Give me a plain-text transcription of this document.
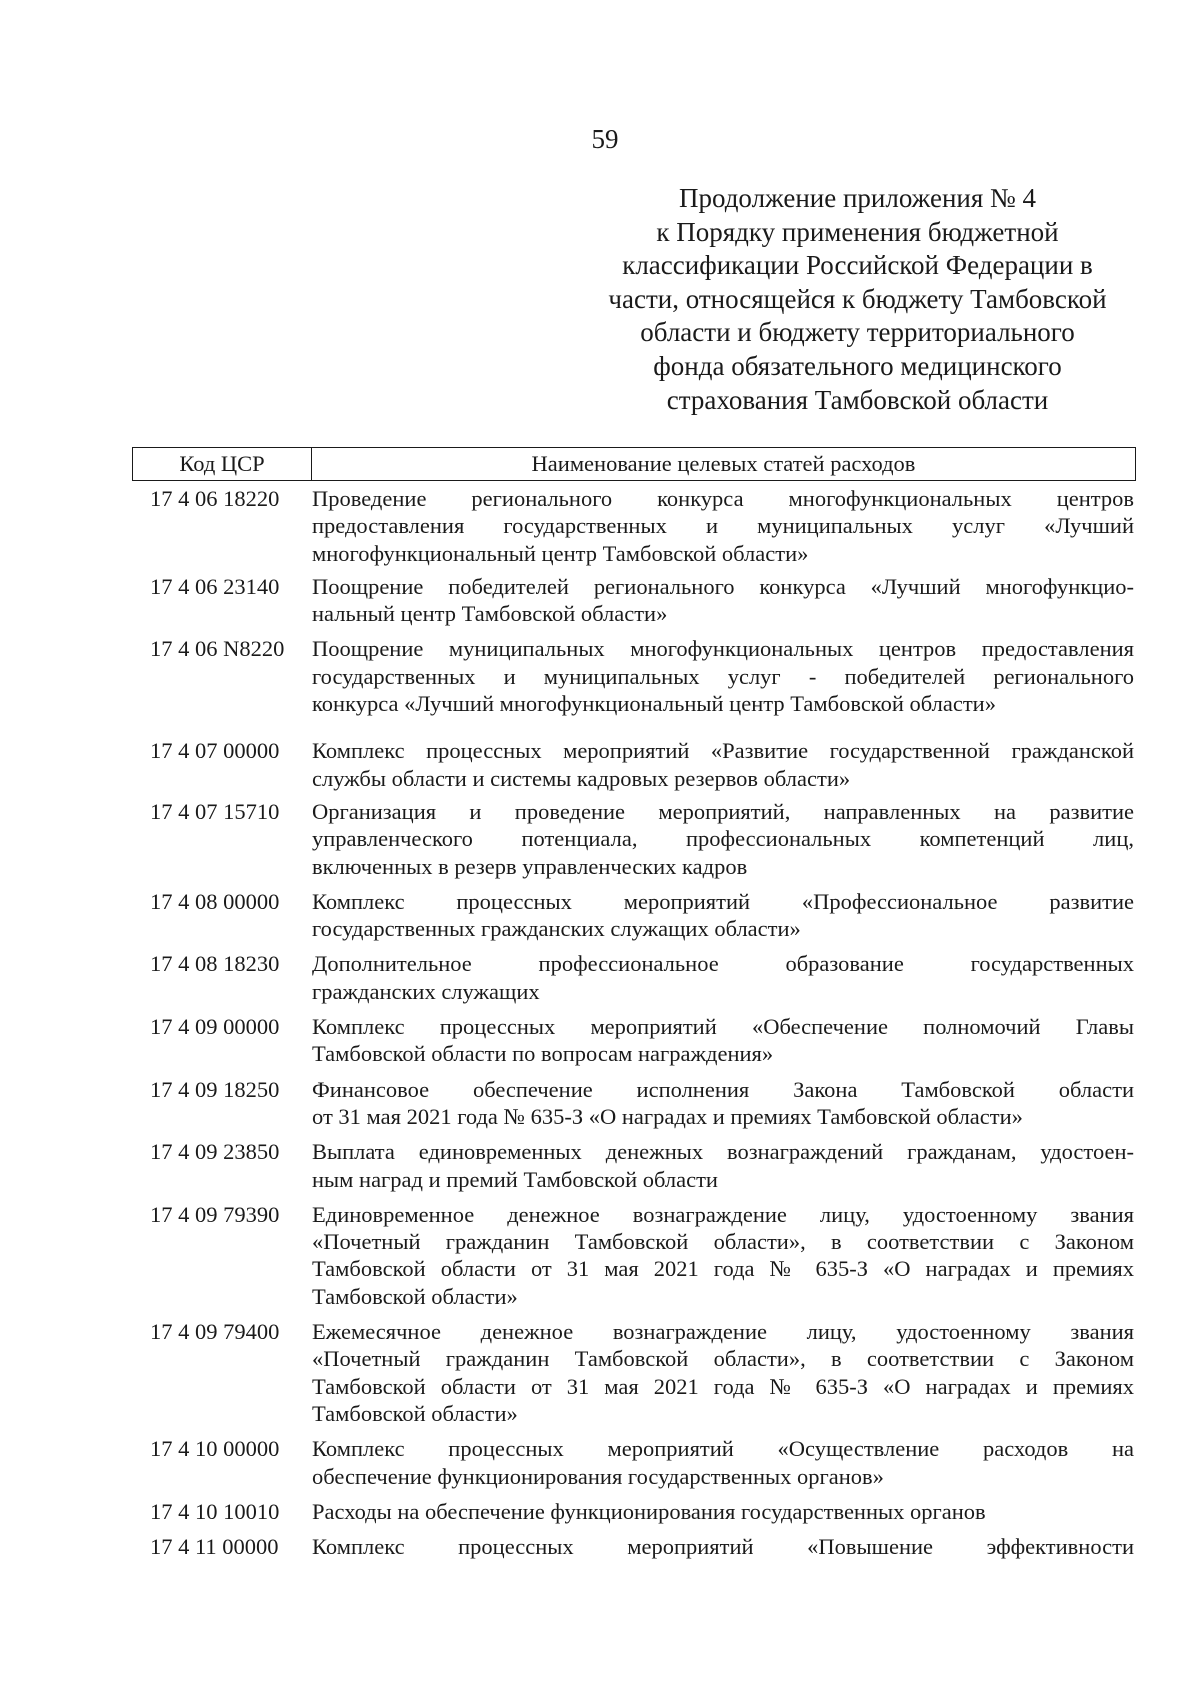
59
Продолжение приложения № 4
к Порядку применения бюджетной
классификации Российской Федерации в
части, относящейся к бюджету Тамбовской
области и бюджету территориального
фонда обязательного медицинского
страхования Тамбовской области
Код ЦСР	Наименование целевых статей расходов
17 4 06 18220	Проведение регионального конкурса многофункциональных центров
предоставления государственных и муниципальных услуг «Лучший
многофункциональный центр Тамбовской области»
17 4 06 23140	Поощрение победителей регионального конкурса «Лучший многофункцио-
нальный центр Тамбовской области»
17 4 06 N8220	Поощрение муниципальных многофункциональных центров предоставления
государственных и муниципальных услуг - победителей регионального
конкурса «Лучший многофункциональный центр Тамбовской области»
17 4 07 00000	Комплекс процессных мероприятий «Развитие государственной гражданской
службы области и системы кадровых резервов области»
17 4 07 15710	Организация и проведение мероприятий, направленных на развитие
управленческого потенциала, профессиональных компетенций лиц,
включенных в резерв управленческих кадров
17 4 08 00000	Комплекс процессных мероприятий «Профессиональное развитие
государственных гражданских служащих области»
17 4 08 18230	Дополнительное профессиональное образование государственных
гражданских служащих
17 4 09 00000	Комплекс процессных мероприятий «Обеспечение полномочий Главы
Тамбовской области по вопросам награждения»
17 4 09 18250	Финансовое обеспечение исполнения Закона Тамбовской области
от 31 мая 2021 года № 635-З «О наградах и премиях Тамбовской области»
17 4 09 23850	Выплата единовременных денежных вознаграждений гражданам, удостоен-
ным наград и премий Тамбовской области
17 4 09 79390	Единовременное денежное вознаграждение лицу, удостоенному звания
«Почетный гражданин Тамбовской области», в соответствии с Законом
Тамбовской области от 31 мая 2021 года № 635-З «О наградах и премиях
Тамбовской области»
17 4 09 79400	Ежемесячное денежное вознаграждение лицу, удостоенному звания
«Почетный гражданин Тамбовской области», в соответствии с Законом
Тамбовской области от 31 мая 2021 года № 635-З «О наградах и премиях
Тамбовской области»
17 4 10 00000	Комплекс процессных мероприятий «Осуществление расходов на
обеспечение функционирования государственных органов»
17 4 10 10010	Расходы на обеспечение функционирования государственных органов
17 4 11 00000	Комплекс процессных мероприятий «Повышение эффективности
